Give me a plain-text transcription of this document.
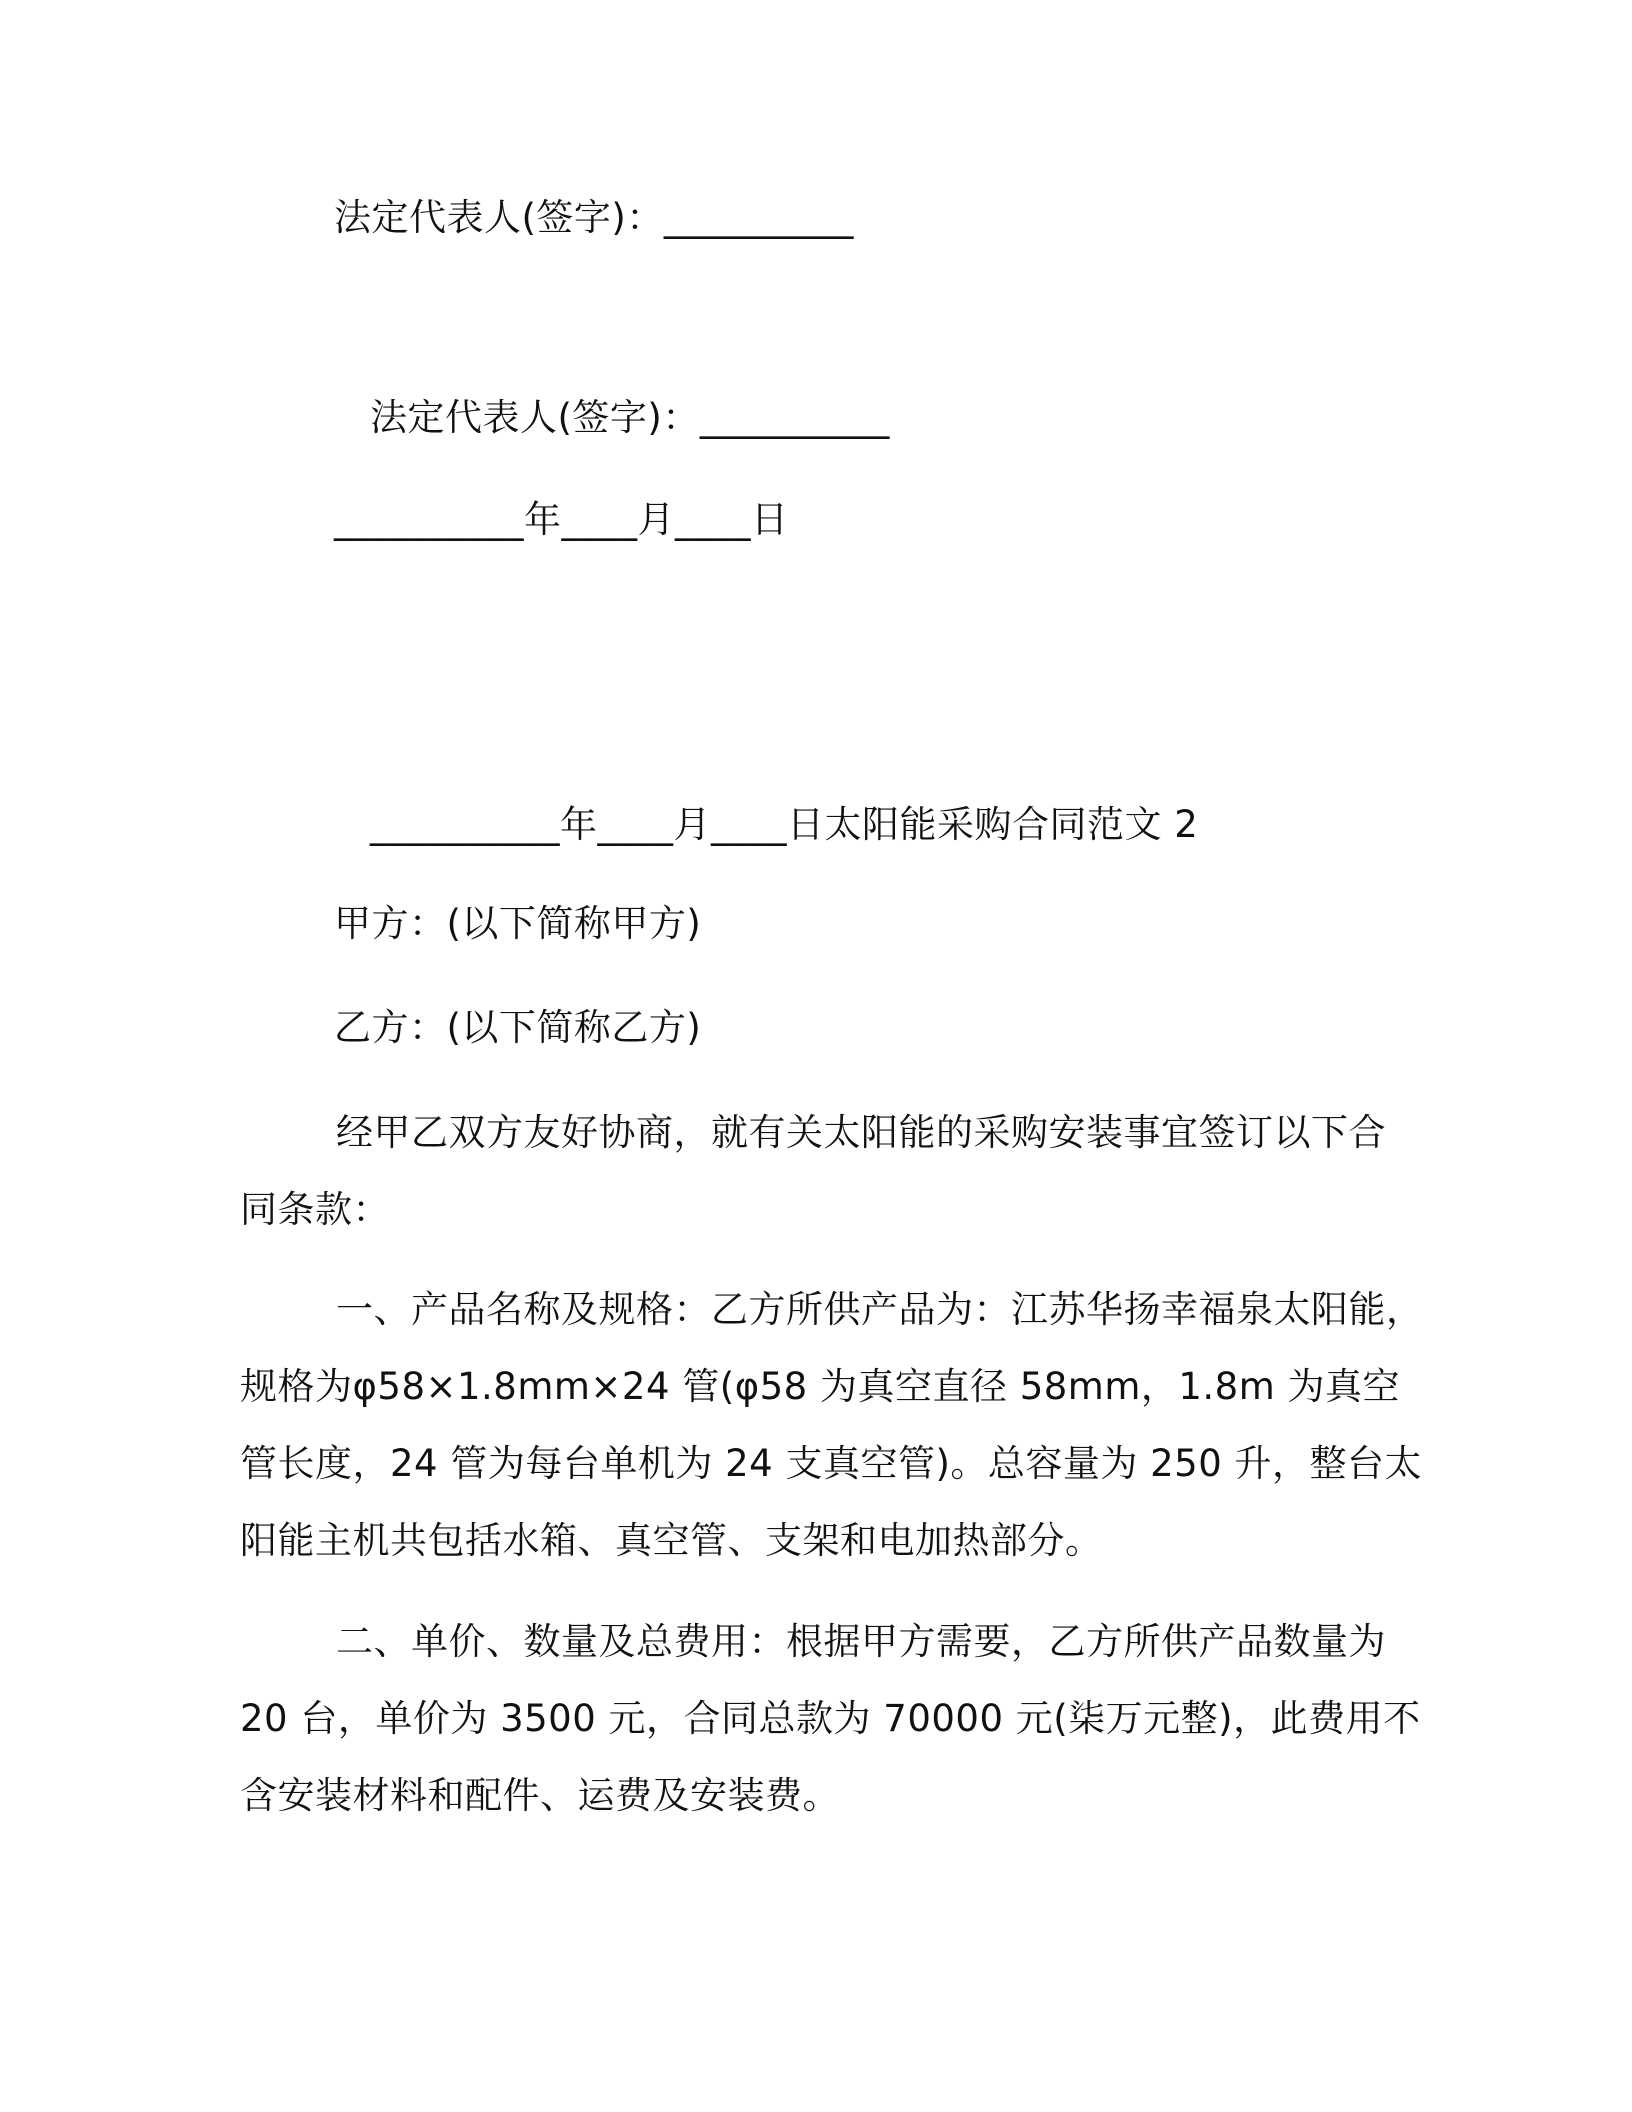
法定代表人(签字)：__________
法定代表人(签字)：__________
__________年____月____日
__________年____月____日太阳能采购合同范文 2
甲方：(以下简称甲方)
乙方：(以下简称乙方)
经甲乙双方友好协商，就有关太阳能的采购安装事宜签订以下合
同条款：
一、产品名称及规格：乙方所供产品为：江苏华扬幸福泉太阳能，
规格为φ58×1.8mm×24 管(φ58 为真空直径 58mm，1.8m 为真空
管长度，24 管为每台单机为 24 支真空管)。总容量为 250 升，整台太
阳能主机共包括水箱、真空管、支架和电加热部分。
二、单价、数量及总费用：根据甲方需要，乙方所供产品数量为
20 台，单价为 3500 元，合同总款为 70000 元(柒万元整)，此费用不
含安装材料和配件、运费及安装费。
